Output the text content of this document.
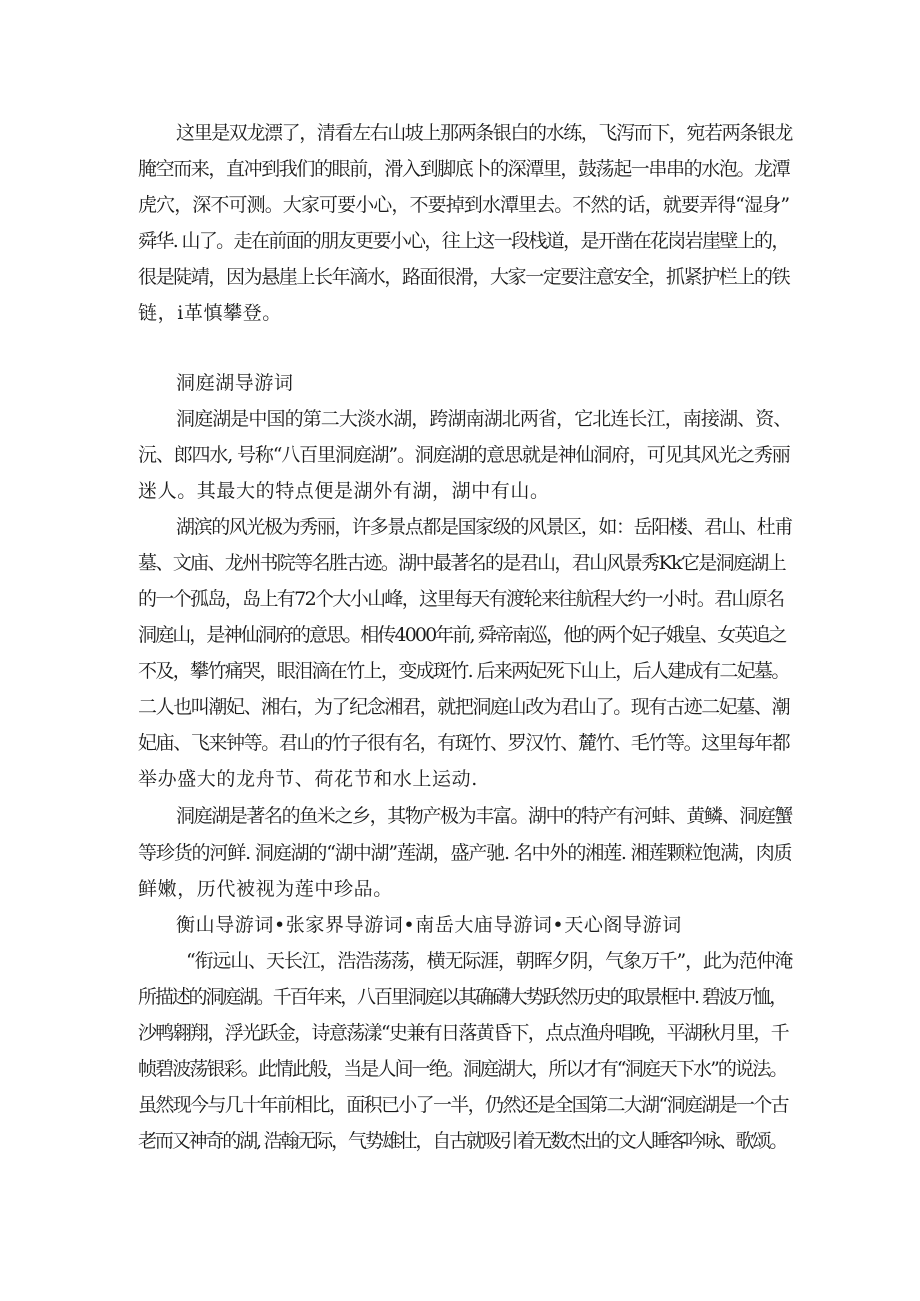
这里是双龙漂了，清看左右山坡上那两条银白的水练，飞泻而下，宛若两条银龙
腌空而来，直冲到我们的眼前，滑入到脚底卜的深潭里，鼓荡起一串串的水泡。龙潭
虎穴，深不可测。大家可要小心，不要掉到水潭里去。不然的话，就要弄得“湿身”
舜华. 山了。走在前面的朋友更要小心，往上这一段栈道，是开凿在花岗岩崖壁上的，
很是陡靖，因为悬崖上长年滴水，路面很滑，大家一定要注意安全，抓紧护栏上的铁
链，i革慎攀登。
洞庭湖导游词
洞庭湖是中国的第二大淡水湖，跨湖南湖北两省，它北连长江，南接湖、资、
沅、郎四水, 号称“八百里洞庭湖”。洞庭湖的意思就是神仙洞府，可见其风光之秀丽
迷人。其最大的特点便是湖外有湖，湖中有山。
湖滨的风光极为秀丽，许多景点都是国家级的风景区，如：岳阳楼、君山、杜甫
墓、文庙、龙州书院等名胜古迹。湖中最著名的是君山，君山风景秀Kk它是洞庭湖上
的一个孤岛，岛上有72个大小山峰，这里每天有渡轮来往航程大约一小时。君山原名
洞庭山，是神仙洞府的意思。相传4000年前, 舜帝南巡，他的两个妃子娥皇、女英追之
不及，攀竹痛哭，眼泪滴在竹上，变成斑竹. 后来两妃死下山上，后人建成有二妃墓。
二人也叫潮妃、湘右，为了纪念湘君，就把洞庭山改为君山了。现有古迹二妃墓、潮
妃庙、飞来钟等。君山的竹子很有名，有斑竹、罗汉竹、麓竹、毛竹等。这里每年都
举办盛大的龙舟节、荷花节和水上运动.
洞庭湖是著名的鱼米之乡，其物产极为丰富。湖中的特产有河蚌、黄鳞、洞庭蟹
等珍货的河鲜. 洞庭湖的“湖中湖”莲湖，盛产驰. 名中外的湘莲. 湘莲颗粒饱满，肉质
鲜嫩，历代被视为莲中珍品。
衡山导游词•张家界导游词•南岳大庙导游词•天心阁导游词
“衔远山、天长江，浩浩荡荡，横无际涯，朝晖夕阴，气象万千”，此为范仲淹
所描述的洞庭湖。千百年来，八百里洞庭以其确礴大势跃然历史的取景框中. 碧波万恤，
沙鸭翱翔，浮光跃金，诗意荡漾“史兼有日落黄昏下，点点渔舟唱晚，平湖秋月里，千
帧碧波荡银彩。此情此般，当是人间一绝。洞庭湖大，所以才有“洞庭天下水”的说法。
虽然现今与几十年前相比，面积已小了一半，仍然还是全国第二大湖“洞庭湖是一个古
老而又神奇的湖, 浩翰无际，气势雄壮，自古就吸引着无数杰出的文人睡客吟咏、歌颂。
